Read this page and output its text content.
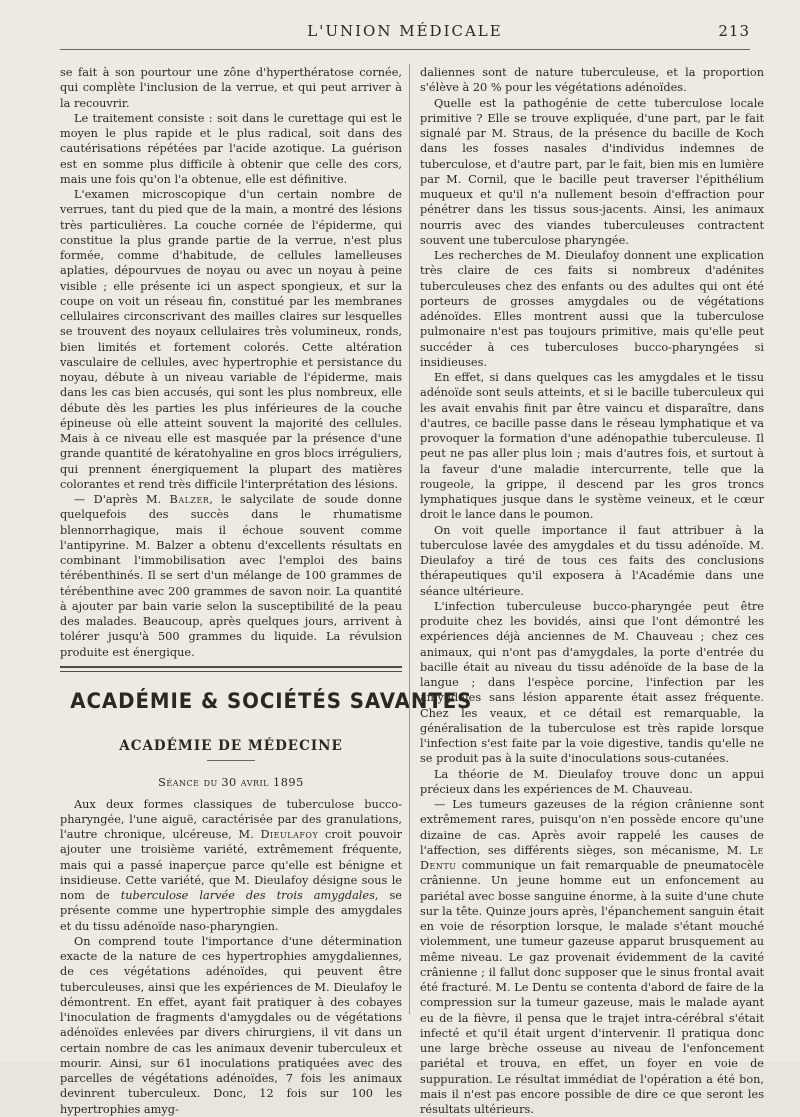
L'UNION MÉDICALE	213

se fait à son pourtour une zône d'hyperthératose cornée, qui complète l'inclusion de la verrue, et qui peut arriver à la recouvrir.

Le traitement consiste : soit dans le curettage qui est le moyen le plus rapide et le plus radical, soit dans des cautérisations répétées par l'acide azotique. La guérison est en somme plus difficile à obtenir que celle des cors, mais une fois qu'on l'a obtenue, elle est définitive.

L'examen microscopique d'un certain nombre de verrues, tant du pied que de la main, a montré des lésions très particulières. La couche cornée de l'épiderme, qui constitue la plus grande partie de la verrue, n'est plus formée, comme d'habitude, de cellules lamelleuses aplaties, dépourvues de noyau ou avec un noyau à peine visible ; elle présente ici un aspect spongieux, et sur la coupe on voit un réseau fin, constitué par les membranes cellulaires circonscrivant des mailles claires sur lesquelles se trouvent des noyaux cellulaires très volumineux, ronds, bien limités et fortement colorés. Cette altération vasculaire de cellules, avec hypertrophie et persistance du noyau, débute à un niveau variable de l'épiderme, mais dans les cas bien accusés, qui sont les plus nombreux, elle débute dès les parties les plus inférieures de la couche épineuse où elle atteint souvent la majorité des cellules. Mais à ce niveau elle est masquée par la présence d'une grande quantité de kératohyaline en gros blocs irréguliers, qui prennent énergiquement la plupart des matières colorantes et rend très difficile l'interprétation des lésions.

— D'après M. Balzer, le salycilate de soude donne quelquefois des succès dans le rhumatisme blennorrhagique, mais il échoue souvent comme l'antipyrine. M. Balzer a obtenu d'excellents résultats en combinant l'immobilisation avec l'emploi des bains térébenthinés. Il se sert d'un mélange de 100 grammes de térébenthine avec 200 grammes de savon noir. La quantité à ajouter par bain varie selon la susceptibilité de la peau des malades. Beaucoup, après quelques jours, arrivent à tolérer jusqu'à 500 grammes du liquide. La révulsion produite est énergique.

ACADÉMIE & SOCIÉTÉS SAVANTES
ACADÉMIE DE MÉDECINE
Séance du 30 avril 1895

Aux deux formes classiques de tuberculose bucco-pharyngée, l'une aiguë, caractérisée par des granulations, l'autre chronique, ulcéreuse, M. Dieulafoy croit pouvoir ajouter une troisième variété, extrêmement fréquente, mais qui a passé inaperçue parce qu'elle est bénigne et insidieuse. Cette variété, que M. Dieulafoy désigne sous le nom de tuberculose larvée des trois amygdales, se présente comme une hypertrophie simple des amygdales et du tissu adénoïde naso-pharyngien.

On comprend toute l'importance d'une détermination exacte de la nature de ces hypertrophies amygdaliennes, de ces végétations adénoïdes, qui peuvent être tuberculeuses, ainsi que les expériences de M. Dieulafoy le démontrent. En effet, ayant fait pratiquer à des cobayes l'inoculation de fragments d'amygdales ou de végétations adénoïdes enlevées par divers chirurgiens, il vit dans un certain nombre de cas les animaux devenir tuberculeux et mourir. Ainsi, sur 61 inoculations pratiquées avec des parcelles de végétations adénoïdes, 7 fois les animaux devinrent tuberculeux. Donc, 12 fois sur 100 les hypertrophies amyg-

daliennes sont de nature tuberculeuse, et la proportion s'élève à 20 % pour les végétations adénoïdes.

Quelle est la pathogénie de cette tuberculose locale primitive ? Elle se trouve expliquée, d'une part, par le fait signalé par M. Straus, de la présence du bacille de Koch dans les fosses nasales d'individus indemnes de tuberculose, et d'autre part, par le fait, bien mis en lumière par M. Cornil, que le bacille peut traverser l'épithélium muqueux et qu'il n'a nullement besoin d'effraction pour pénétrer dans les tissus sous-jacents. Ainsi, les animaux nourris avec des viandes tuberculeuses contractent souvent une tuberculose pharyngée.

Les recherches de M. Dieulafoy donnent une explication très claire de ces faits si nombreux d'adénites tuberculeuses chez des enfants ou des adultes qui ont été porteurs de grosses amygdales ou de végétations adénoïdes. Elles montrent aussi que la tuberculose pulmonaire n'est pas toujours primitive, mais qu'elle peut succéder à ces tuberculoses bucco-pharyngées si insidieuses.

En effet, si dans quelques cas les amygdales et le tissu adénoïde sont seuls atteints, et si le bacille tuberculeux qui les avait envahis finit par être vaincu et disparaître, dans d'autres, ce bacille passe dans le réseau lymphatique et va provoquer la formation d'une adénopathie tuberculeuse. Il peut ne pas aller plus loin ; mais d'autres fois, et surtout à la faveur d'une maladie intercurrente, telle que la rougeole, la grippe, il descend par les gros troncs lymphatiques jusque dans le système veineux, et le cœur droit le lance dans le poumon.

On voit quelle importance il faut attribuer à la tuberculose lavée des amygdales et du tissu adénoïde. M. Dieulafoy a tiré de tous ces faits des conclusions thérapeutiques qu'il exposera à l'Académie dans une séance ultérieure.

L'infection tuberculeuse bucco-pharyngée peut être produite chez les bovidés, ainsi que l'ont démontré les expériences déjà anciennes de M. Chauveau ; chez ces animaux, qui n'ont pas d'amygdales, la porte d'entrée du bacille était au niveau du tissu adénoïde de la base de la langue ; dans l'espèce porcine, l'infection par les amygdales sans lésion apparente était assez fréquente. Chez les veaux, et ce détail est remarquable, la généralisation de la tuberculose est très rapide lorsque l'infection s'est faite par la voie digestive, tandis qu'elle ne se produit pas à la suite d'inoculations sous-cutanées.

La théorie de M. Dieulafoy trouve donc un appui précieux dans les expériences de M. Chauveau.

— Les tumeurs gazeuses de la région crânienne sont extrêmement rares, puisqu'on n'en possède encore qu'une dizaine de cas. Après avoir rappelé les causes de l'affection, ses différents sièges, son mécanisme, M. Le Dentu communique un fait remarquable de pneumatocèle crânienne. Un jeune homme eut un enfoncement au pariétal avec bosse sanguine énorme, à la suite d'une chute sur la tête. Quinze jours après, l'épanchement sanguin était en voie de résorption lorsque, le malade s'étant mouché violemment, une tumeur gazeuse apparut brusquement au même niveau. Le gaz provenait évidemment de la cavité crânienne ; il fallut donc supposer que le sinus frontal avait été fracturé. M. Le Dentu se contenta d'abord de faire de la compression sur la tumeur gazeuse, mais le malade ayant eu de la fièvre, il pensa que le trajet intra-cérébral s'était infecté et qu'il était urgent d'intervenir. Il pratiqua donc une large brèche osseuse au niveau de l'enfoncement pariétal et trouva, en effet, un foyer en voie de suppuration. Le résultat immédiat de l'opération a été bon, mais il n'est pas encore possible de dire ce que seront les résultats ultérieurs.
